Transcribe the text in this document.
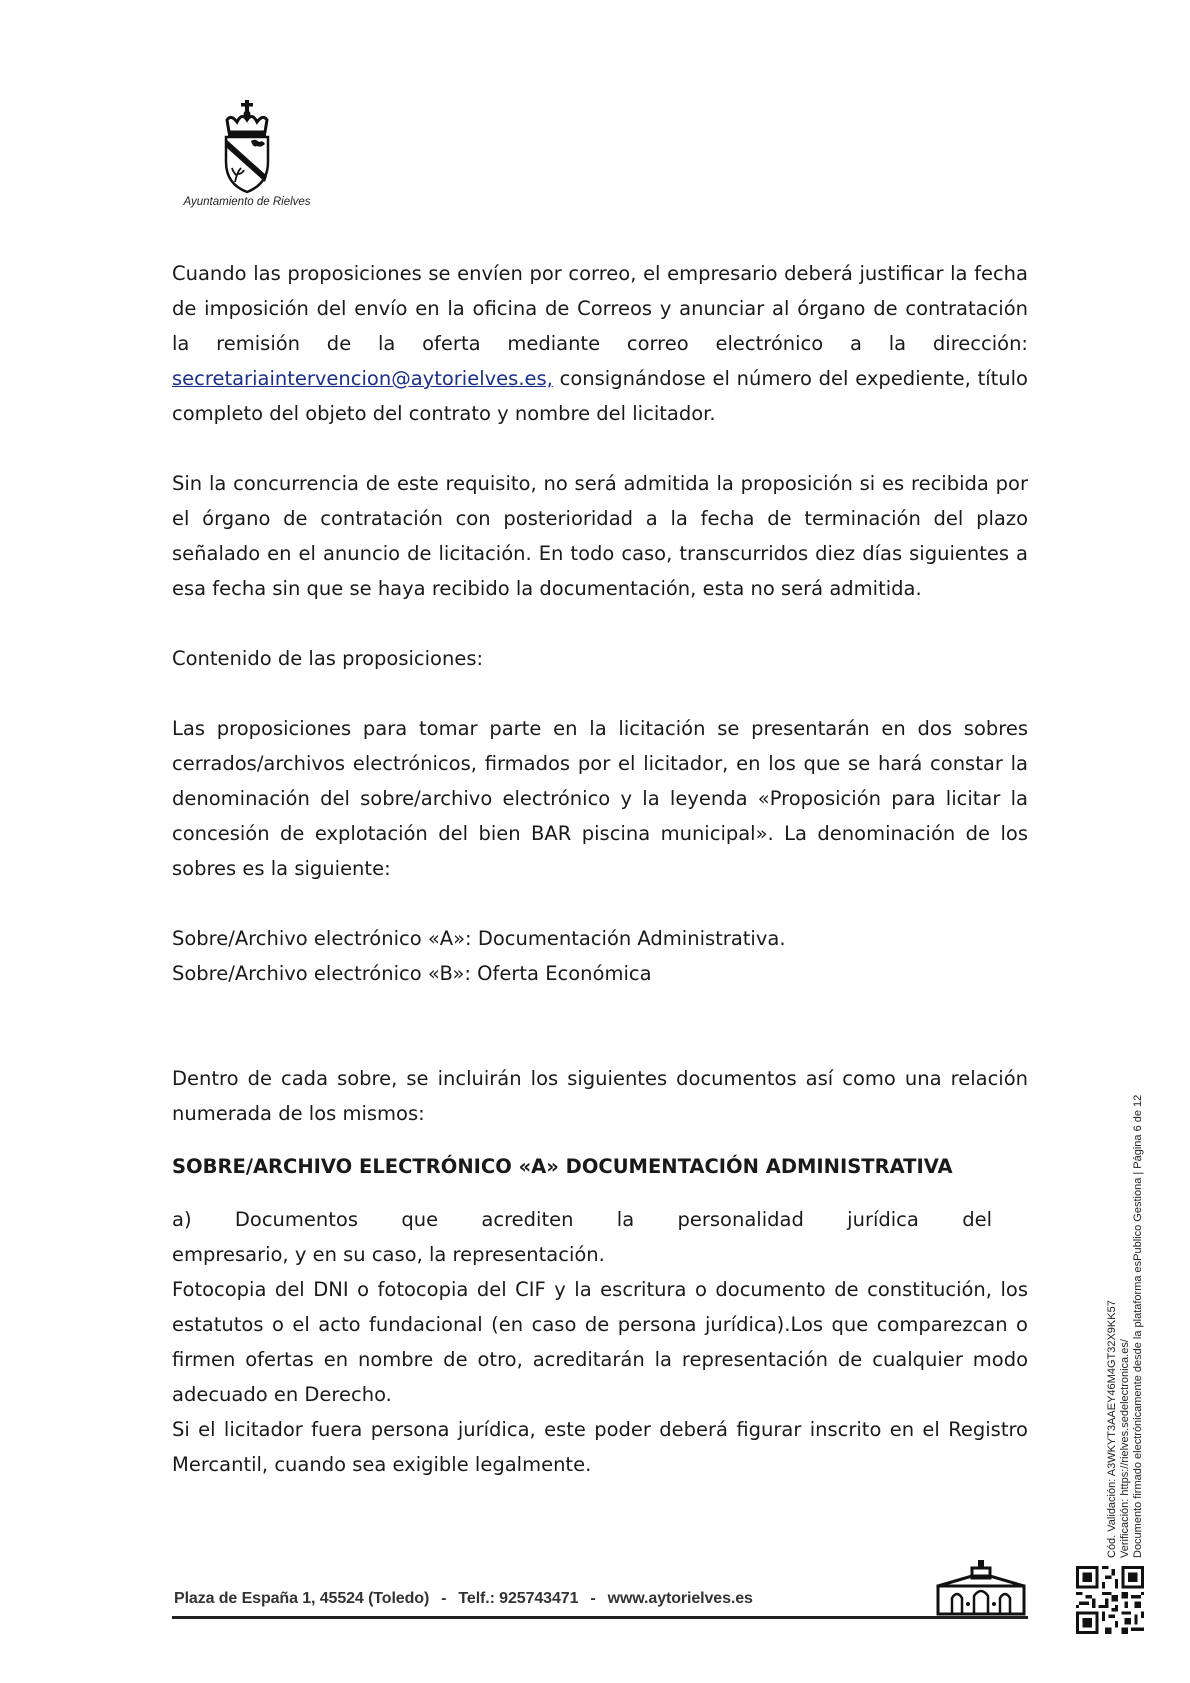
Ayuntamiento de Rielves

Cuando las proposiciones se envíen por correo, el empresario deberá justificar la fecha de imposición del envío en la oficina de Correos y anunciar al órgano de contratación la remisión de la oferta mediante correo electrónico a la dirección: secretariaintervencion@aytorielves.es, consignándose el número del expediente, título completo del objeto del contrato y nombre del licitador.

Sin la concurrencia de este requisito, no será admitida la proposición si es recibida por el órgano de contratación con posterioridad a la fecha de terminación del plazo señalado en el anuncio de licitación. En todo caso, transcurridos diez días siguientes a esa fecha sin que se haya recibido la documentación, esta no será admitida.

Contenido de las proposiciones:

Las proposiciones para tomar parte en la licitación se presentarán en dos sobres cerrados/archivos electrónicos, firmados por el licitador, en los que se hará constar la denominación del sobre/archivo electrónico y la leyenda «Proposición para licitar la concesión de explotación del bien BAR piscina municipal». La denominación de los sobres es la siguiente:

Sobre/Archivo electrónico «A»: Documentación Administrativa.

Sobre/Archivo electrónico «B»: Oferta Económica

Dentro de cada sobre, se incluirán los siguientes documentos así como una relación numerada de los mismos:

SOBRE/ARCHIVO ELECTRÓNICO «A» DOCUMENTACIÓN ADMINISTRATIVA

a) Documentos que acrediten la personalidad jurídica del

empresario, y en su caso, la representación.

Fotocopia del DNI o fotocopia del CIF y la escritura o documento de constitución, los estatutos o el acto fundacional (en caso de persona jurídica).Los que comparezcan o firmen ofertas en nombre de otro, acreditarán la representación de cualquier modo adecuado en Derecho.

Si el licitador fuera persona jurídica, este poder deberá figurar inscrito en el Registro Mercantil, cuando sea exigible legalmente.

Plaza de España 1, 45524 (Toledo) - Telf.: 925743471 - www.aytorielves.es
Cód. Validación: A3WKYT3AAEY46M4GT32X9KK57 Verificación: https://rielves.sedelectronica.es/ Documento firmado electrónicamente desde la plataforma esPublico Gestiona | Página 6 de 12
